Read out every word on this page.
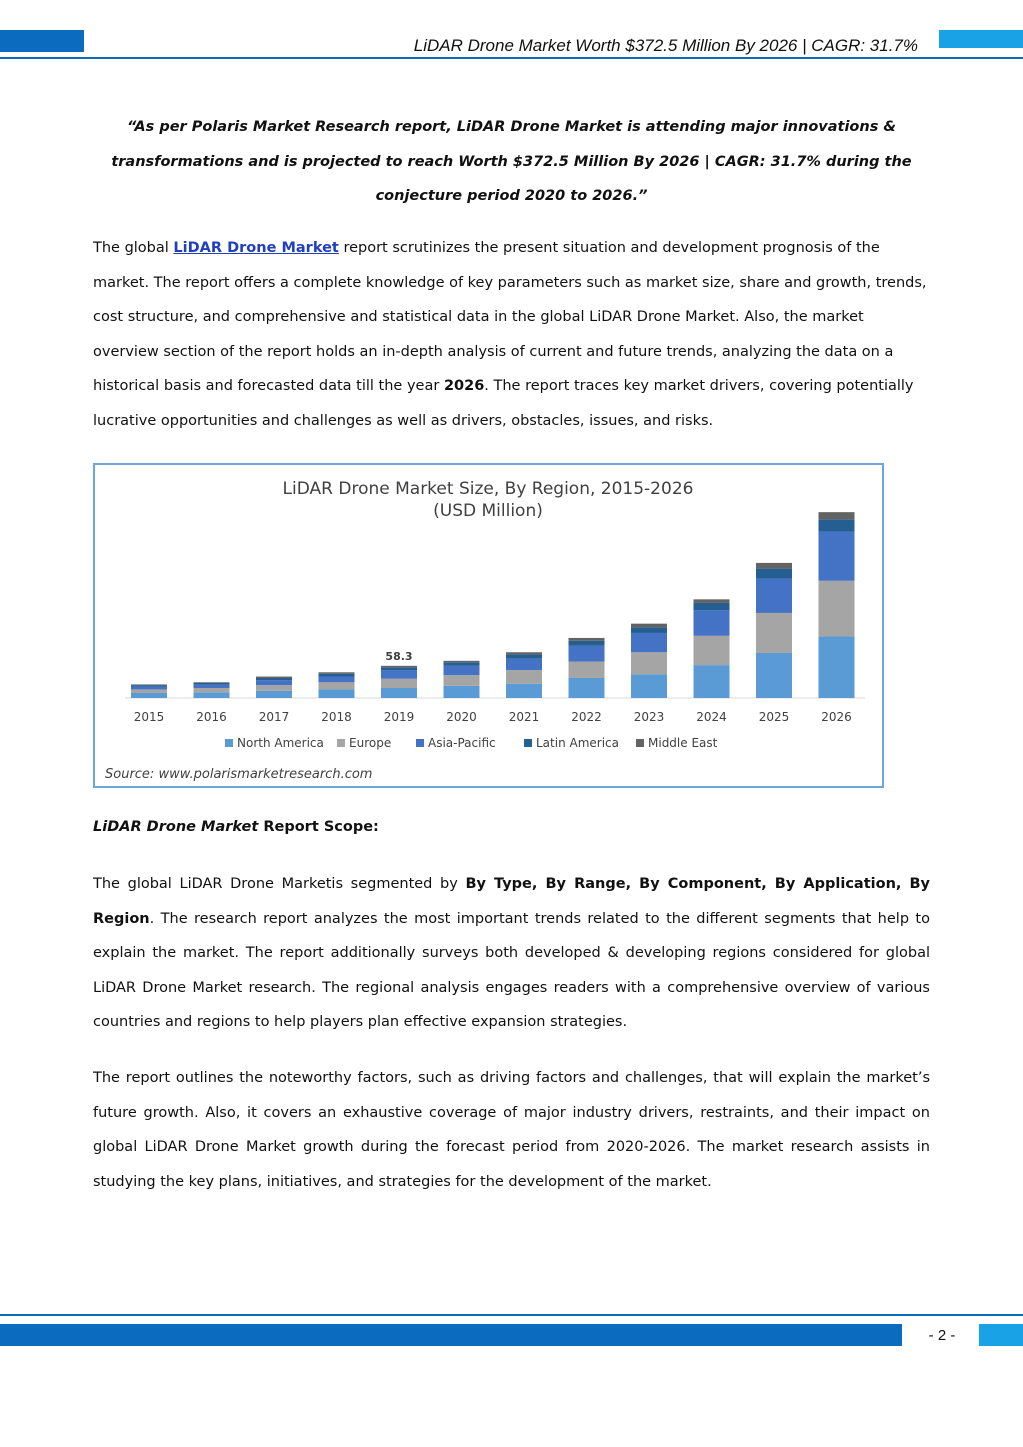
LiDAR Drone Market Worth $372.5 Million By 2026 | CAGR: 31.7%
“As per Polaris Market Research report, LiDAR Drone Market is attending major innovations & transformations and is projected to reach Worth $372.5 Million By 2026 | CAGR: 31.7% during the conjecture period 2020 to 2026.”
The global LiDAR Drone Market report scrutinizes the present situation and development prognosis of the market. The report offers a complete knowledge of key parameters such as market size, share and growth, trends, cost structure, and comprehensive and statistical data in the global LiDAR Drone Market. Also, the market overview section of the report holds an in-depth analysis of current and future trends, analyzing the data on a historical basis and forecasted data till the year 2026. The report traces key market drivers, covering potentially lucrative opportunities and challenges as well as drivers, obstacles, issues, and risks.
LiDAR Drone Market Size, By Region, 2015-2026
(USD Million)
58.3
2015	2016	2017	2018	2019	2020	2021	2022	2023	2024	2025	2026
North America Europe	Asia-Pacific	Latin America Middle East
Source: www.polarismarketresearch.com
LiDAR Drone Market Report Scope:
The global LiDAR Drone Marketis segmented by By Type, By Range, By Component, By Application, By Region. The research report analyzes the most important trends related to the different segments that help to explain the market. The report additionally surveys both developed & developing regions considered for global LiDAR Drone Market research. The regional analysis engages readers with a comprehensive overview of various countries and regions to help players plan effective expansion strategies.
The report outlines the noteworthy factors, such as driving factors and challenges, that will explain the market’s future growth. Also, it covers an exhaustive coverage of major industry drivers, restraints, and their impact on global LiDAR Drone Market growth during the forecast period from 2020-2026. The market research assists in studying the key plans, initiatives, and strategies for the development of the market.
- 2 -
